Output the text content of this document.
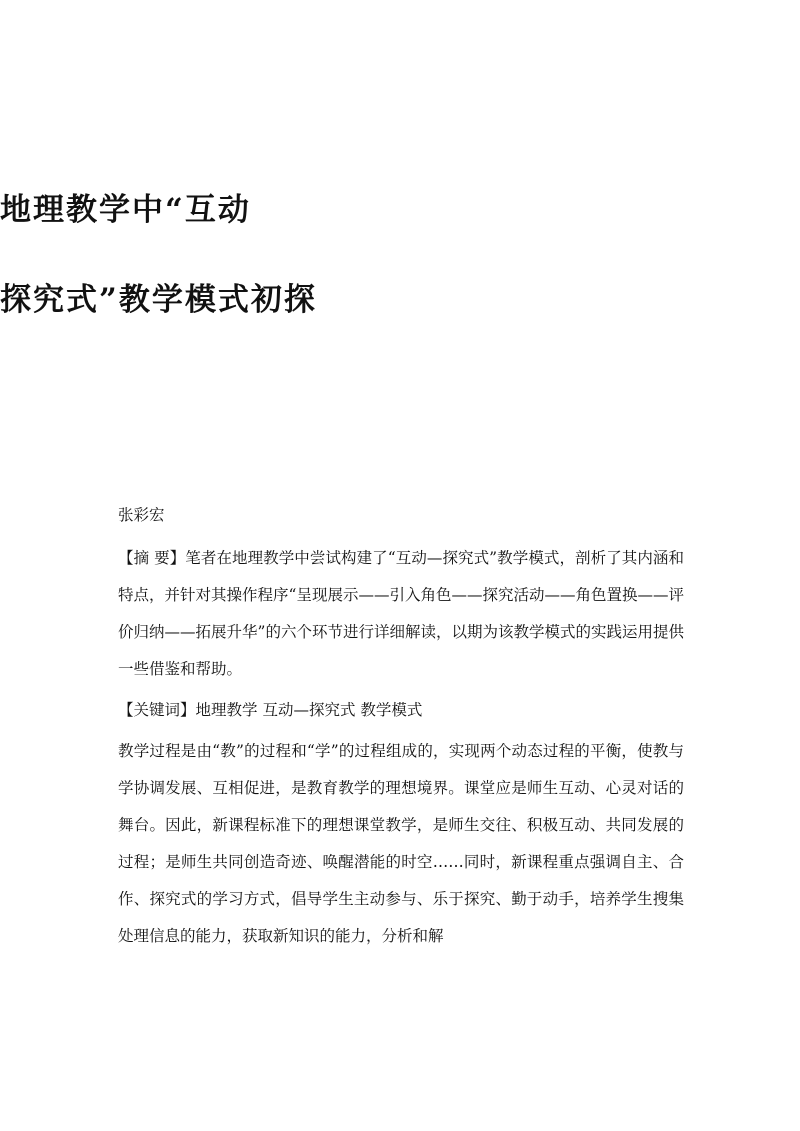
地理教学中“互动
探究式”教学模式初探

张彩宏

【摘 要】笔者在地理教学中尝试构建了“互动—探究式”教学模式，剖析了其内涵和特点，并针对其操作程序“呈现展示——引入角色——探究活动——角色置换——评价归纳——拓展升华”的六个环节进行详细解读，以期为该教学模式的实践运用提供一些借鉴和帮助。

【关键词】地理教学 互动—探究式 教学模式

教学过程是由“教”的过程和“学”的过程组成的，实现两个动态过程的平衡，使教与学协调发展、互相促进，是教育教学的理想境界。课堂应是师生互动、心灵对话的舞台。因此，新课程标准下的理想课堂教学，是师生交往、积极互动、共同发展的过程；是师生共同创造奇迹、唤醒潜能的时空……同时，新课程重点强调自主、合作、探究式的学习方式，倡导学生主动参与、乐于探究、勤于动手，培养学生搜集处理信息的能力，获取新知识的能力，分析和解
